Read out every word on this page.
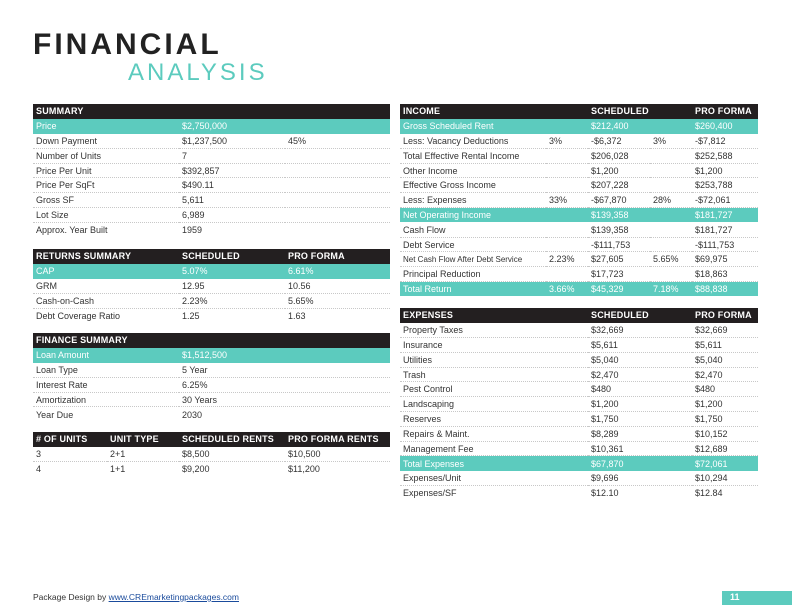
FINANCIAL
ANALYSIS
SUMMARY		
Price	$2,750,000	
Down Payment	$1,237,500	45%
Number of Units	7	
Price Per Unit	$392,857	
Price Per SqFt	$490.11	
Gross SF	5,611	
Lot Size	6,989	
Approx. Year Built	1959	
RETURNS SUMMARY	SCHEDULED	PRO FORMA
CAP	5.07%	6.61%
GRM	12.95	10.56
Cash-on-Cash	2.23%	5.65%
Debt Coverage Ratio	1.25	1.63
FINANCE SUMMARY	
Loan Amount	$1,512,500
Loan Type	5 Year
Interest Rate	6.25%
Amortization	30 Years
Year Due	2030
# OF UNITS	UNIT TYPE	SCHEDULED RENTS	PRO FORMA RENTS
3	2+1	$8,500	$10,500
4	1+1	$9,200	$11,200
INCOME		SCHEDULED		PRO FORMA
Gross Scheduled Rent		$212,400		$260,400
Less: Vacancy Deductions	3%	-$6,372	3%	-$7,812
Total Effective Rental Income		$206,028		$252,588
Other Income		$1,200		$1,200
Effective Gross Income		$207,228		$253,788
Less: Expenses	33%	-$67,870	28%	-$72,061
Net Operating Income		$139,358		$181,727
Cash Flow		$139,358		$181,727
Debt Service		-$111,753		-$111,753
Net Cash Flow After Debt Service	2.23%	$27,605	5.65%	$69,975
Principal Reduction		$17,723		$18,863
Total Return	3.66%	$45,329	7.18%	$88,838
EXPENSES	SCHEDULED	PRO FORMA
Property Taxes	$32,669	$32,669
Insurance	$5,611	$5,611
Utilities	$5,040	$5,040
Trash	$2,470	$2,470
Pest Control	$480	$480
Landscaping	$1,200	$1,200
Reserves	$1,750	$1,750
Repairs & Maint.	$8,289	$10,152
Management Fee	$10,361	$12,689
Total Expenses	$67,870	$72,061
Expenses/Unit	$9,696	$10,294
Expenses/SF	$12.10	$12.84
Package Design by www.CREmarketingpackages.com	11
